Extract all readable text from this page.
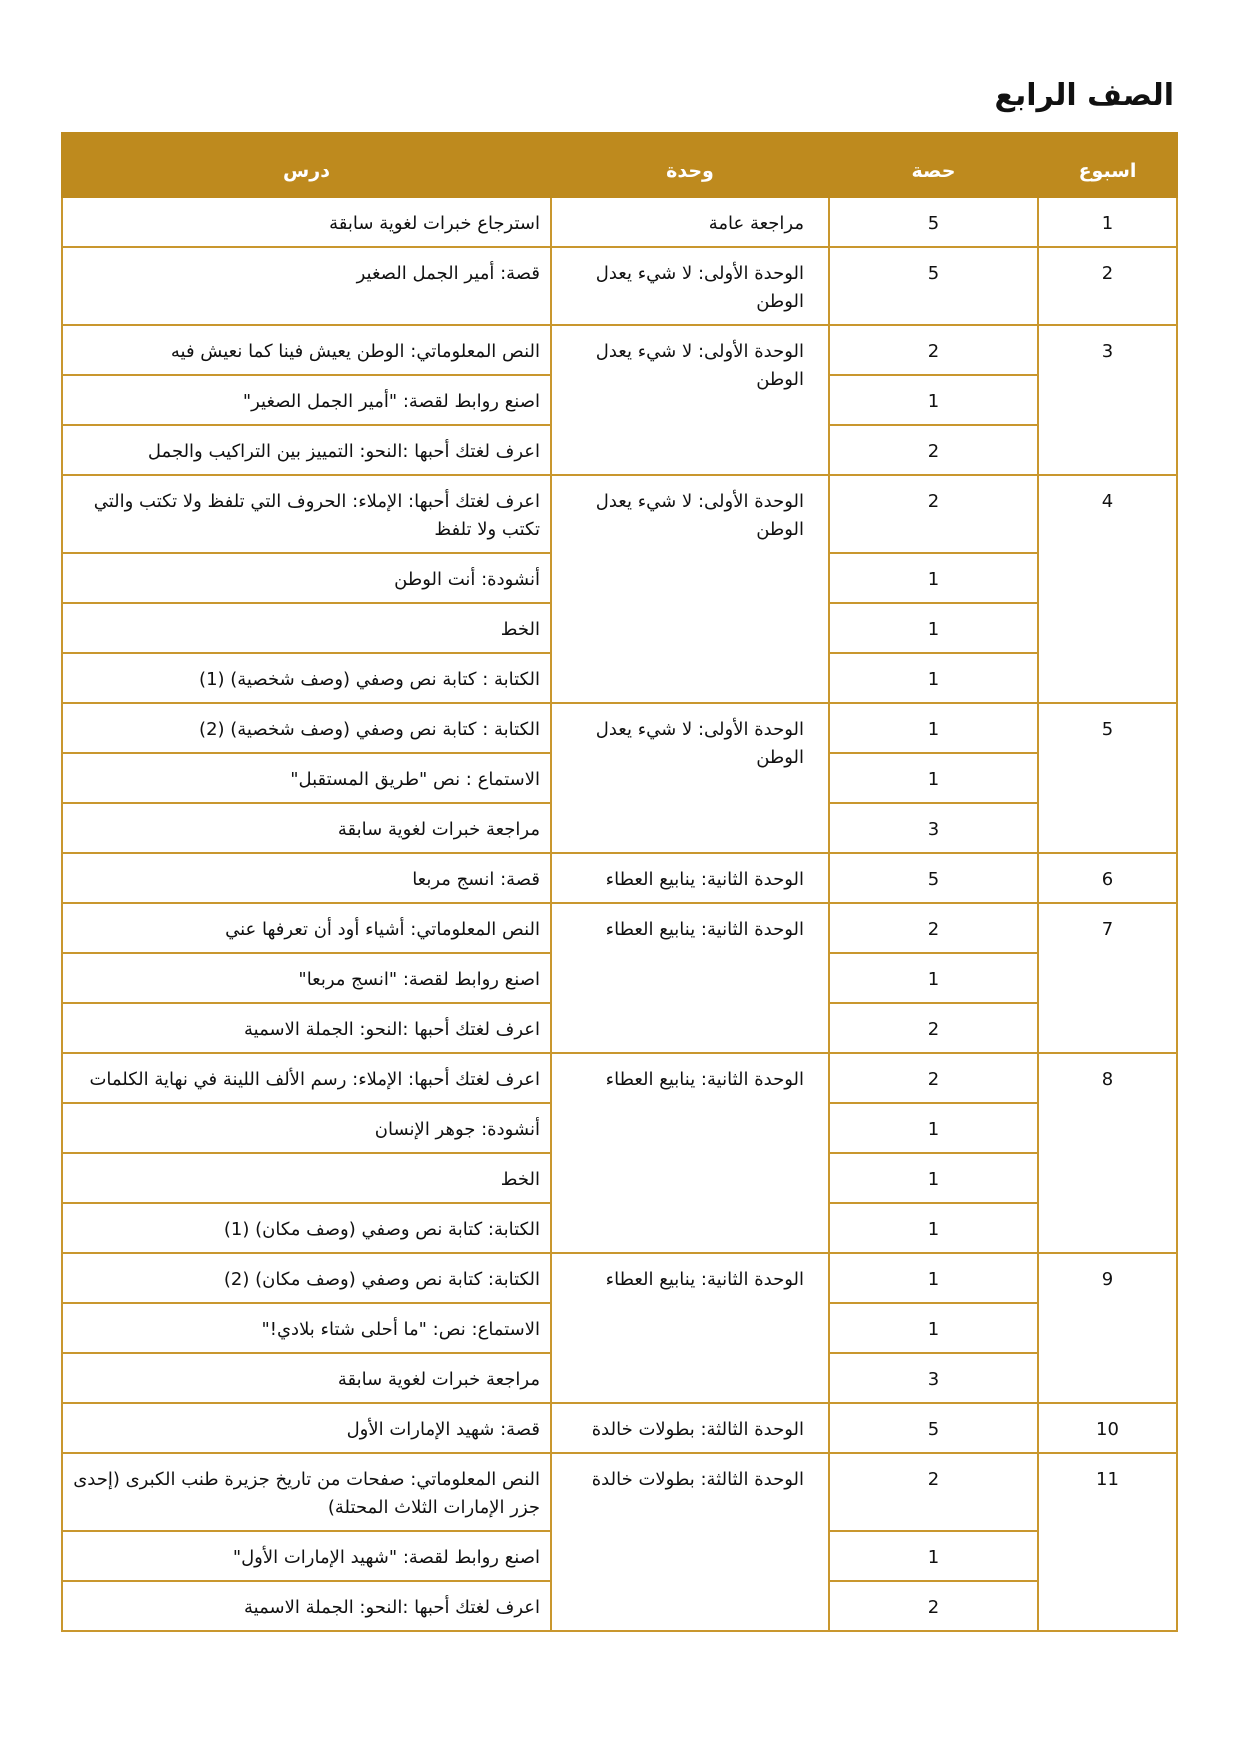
الصف الرابع
اسبوع	حصة	وحدة	درس
1	5	مراجعة عامة	استرجاع خبرات لغوية سابقة
2	5	الوحدة الأولى: لا شيء يعدل الوطن	قصة: أمير الجمل الصغير
3	2	الوحدة الأولى: لا شيء يعدل الوطن	النص المعلوماتي: الوطن يعيش فينا كما نعيش فيه
	1		اصنع روابط لقصة: "أمير الجمل الصغير"
	2		اعرف لغتك أحبها :النحو: التمييز بين التراكيب والجمل
4	2	الوحدة الأولى: لا شيء يعدل الوطن	اعرف لغتك أحبها: الإملاء: الحروف التي تلفظ ولا تكتب والتي تكتب ولا تلفظ
	1		أنشودة: أنت الوطن
	1		الخط
	1		الكتابة : كتابة نص وصفي (وصف شخصية) (1)
5	1	الوحدة الأولى: لا شيء يعدل الوطن	الكتابة : كتابة نص وصفي (وصف شخصية) (2)
	1		الاستماع : نص "طريق المستقبل"
	3		مراجعة خبرات لغوية سابقة
6	5	الوحدة الثانية: ينابيع العطاء	قصة: انسج مربعا
7	2	الوحدة الثانية: ينابيع العطاء	النص المعلوماتي: أشياء أود أن تعرفها عني
	1		اصنع روابط لقصة: "انسج مربعا"
	2		اعرف لغتك أحبها :النحو: الجملة الاسمية
8	2	الوحدة الثانية: ينابيع العطاء	اعرف لغتك أحبها: الإملاء: رسم الألف اللينة في نهاية الكلمات
	1		أنشودة: جوهر الإنسان
	1		الخط
	1		الكتابة: كتابة نص وصفي (وصف مكان) (1)
9	1	الوحدة الثانية: ينابيع العطاء	الكتابة: كتابة نص وصفي (وصف مكان) (2)
	1		الاستماع: نص: "ما أحلى شتاء بلادي!"
	3		مراجعة خبرات لغوية سابقة
10	5	الوحدة الثالثة: بطولات خالدة	قصة: شهيد الإمارات الأول
11	2	الوحدة الثالثة: بطولات خالدة	النص المعلوماتي: صفحات من تاريخ جزيرة طنب الكبرى (إحدى جزر الإمارات الثلاث المحتلة)
	1		اصنع روابط لقصة: "شهيد الإمارات الأول"
	2		اعرف لغتك أحبها :النحو: الجملة الاسمية
